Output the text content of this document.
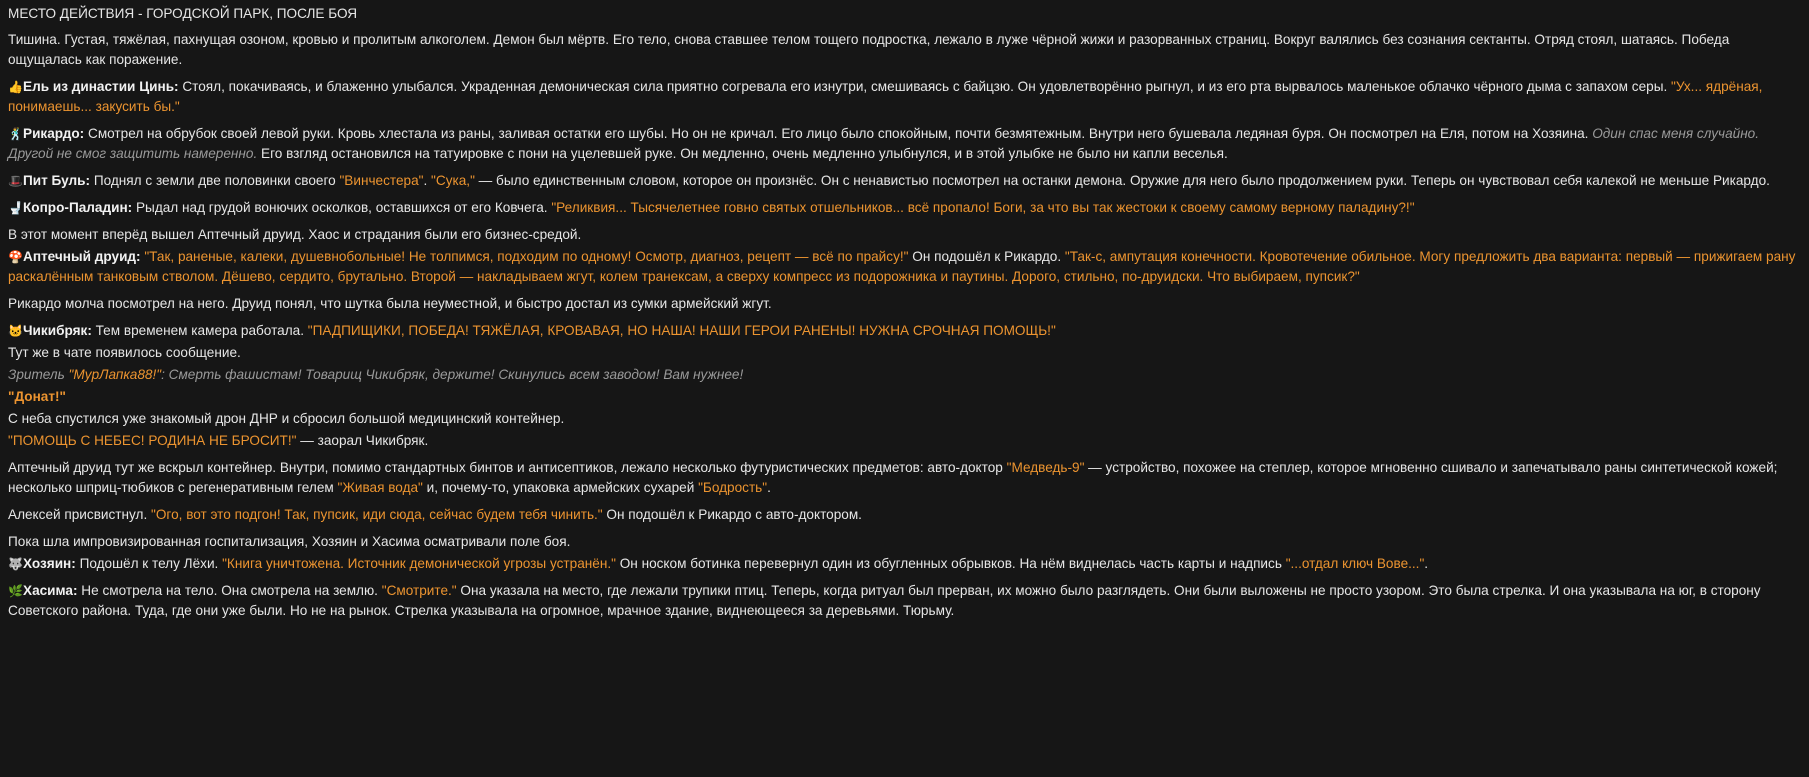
МЕСТО ДЕЙСТВИЯ - ГОРОДСКОЙ ПАРК, ПОСЛЕ БОЯ
Тишина. Густая, тяжёлая, пахнущая озоном, кровью и пролитым алкоголем. Демон был мёртв. Его тело, снова ставшее телом тощего подростка, лежало в луже чёрной жижи и разорванных страниц. Вокруг валялись без сознания сектанты. Отряд стоял, шатаясь. Победа ощущалась как поражение.
👍Ель из династии Цинь: Стоял, покачиваясь, и блаженно улыбался. Украденная демоническая сила приятно согревала его изнутри, смешиваясь с байцзю. Он удовлетворённо рыгнул, и из его рта вырвалось маленькое облачко чёрного дыма с запахом серы. "Ух... ядрёная, понимаешь... закусить бы."
🕺Рикардо: Смотрел на обрубок своей левой руки. Кровь хлестала из раны, заливая остатки его шубы. Но он не кричал. Его лицо было спокойным, почти безмятежным. Внутри него бушевала ледяная буря. Он посмотрел на Еля, потом на Хозяина. Один спас меня случайно. Другой не смог защитить намеренно. Его взгляд остановился на татуировке с пони на уцелевшей руке. Он медленно, очень медленно улыбнулся, и в этой улыбке не было ни капли веселья.
🎩Пит Буль: Поднял с земли две половинки своего "Винчестера". "Сука," — было единственным словом, которое он произнёс. Он с ненавистью посмотрел на останки демона. Оружие для него было продолжением руки. Теперь он чувствовал себя калекой не меньше Рикардо.
🚽Копро-Паладин: Рыдал над грудой вонючих осколков, оставшихся от его Ковчега. "Реликвия... Тысячелетнее говно святых отшельников... всё пропало! Боги, за что вы так жестоки к своему самому верному паладину?!"
В этот момент вперёд вышел Аптечный друид. Хаос и страдания были его бизнес-средой.
🍄Аптечный друид: "Так, раненые, калеки, душевнобольные! Не толпимся, подходим по одному! Осмотр, диагноз, рецепт — всё по прайсу!" Он подошёл к Рикардо. "Так-с, ампутация конечности. Кровотечение обильное. Могу предложить два варианта: первый — прижигаем рану раскалённым танковым стволом. Дёшево, сердито, брутально. Второй — накладываем жгут, колем транексам, а сверху компресс из подорожника и паутины. Дорого, стильно, по-друидски. Что выбираем, пупсик?"
Рикардо молча посмотрел на него. Друид понял, что шутка была неуместной, и быстро достал из сумки армейский жгут.
🐱Чикибряк: Тем временем камера работала. "ПАДПИЩИКИ, ПОБЕДА! ТЯЖЁЛАЯ, КРОВАВАЯ, НО НАША! НАШИ ГЕРОИ РАНЕНЫ! НУЖНА СРОЧНАЯ ПОМОЩЬ!"
Тут же в чате появилось сообщение.
Зритель "МурЛапка88!": Смерть фашистам! Товарищ Чикибряк, держите! Скинулись всем заводом! Вам нужнее!
"Донат!"
С неба спустился уже знакомый дрон ДНР и сбросил большой медицинский контейнер.
"ПОМОЩЬ С НЕБЕС! РОДИНА НЕ БРОСИТ!" — заорал Чикибряк.
Аптечный друид тут же вскрыл контейнер. Внутри, помимо стандартных бинтов и антисептиков, лежало несколько футуристических предметов: авто-доктор "Медведь-9" — устройство, похожее на степлер, которое мгновенно сшивало и запечатывало раны синтетической кожей; несколько шприц-тюбиков с регенеративным гелем "Живая вода" и, почему-то, упаковка армейских сухарей "Бодрость".
Алексей присвистнул. "Ого, вот это подгон! Так, пупсик, иди сюда, сейчас будем тебя чинить." Он подошёл к Рикардо с авто-доктором.
Пока шла импровизированная госпитализация, Хозяин и Хасима осматривали поле боя.
🐺Хозяин: Подошёл к телу Лёхи. "Книга уничтожена. Источник демонической угрозы устранён." Он носком ботинка перевернул один из обугленных обрывков. На нём виднелась часть карты и надпись "...отдал ключ Вове...".
🌿Хасима: Не смотрела на тело. Она смотрела на землю. "Смотрите." Она указала на место, где лежали трупики птиц. Теперь, когда ритуал был прерван, их можно было разглядеть. Они были выложены не просто узором. Это была стрелка. И она указывала на юг, в сторону Советского района. Туда, где они уже были. Но не на рынок. Стрелка указывала на огромное, мрачное здание, виднеющееся за деревьями. Тюрьму.
